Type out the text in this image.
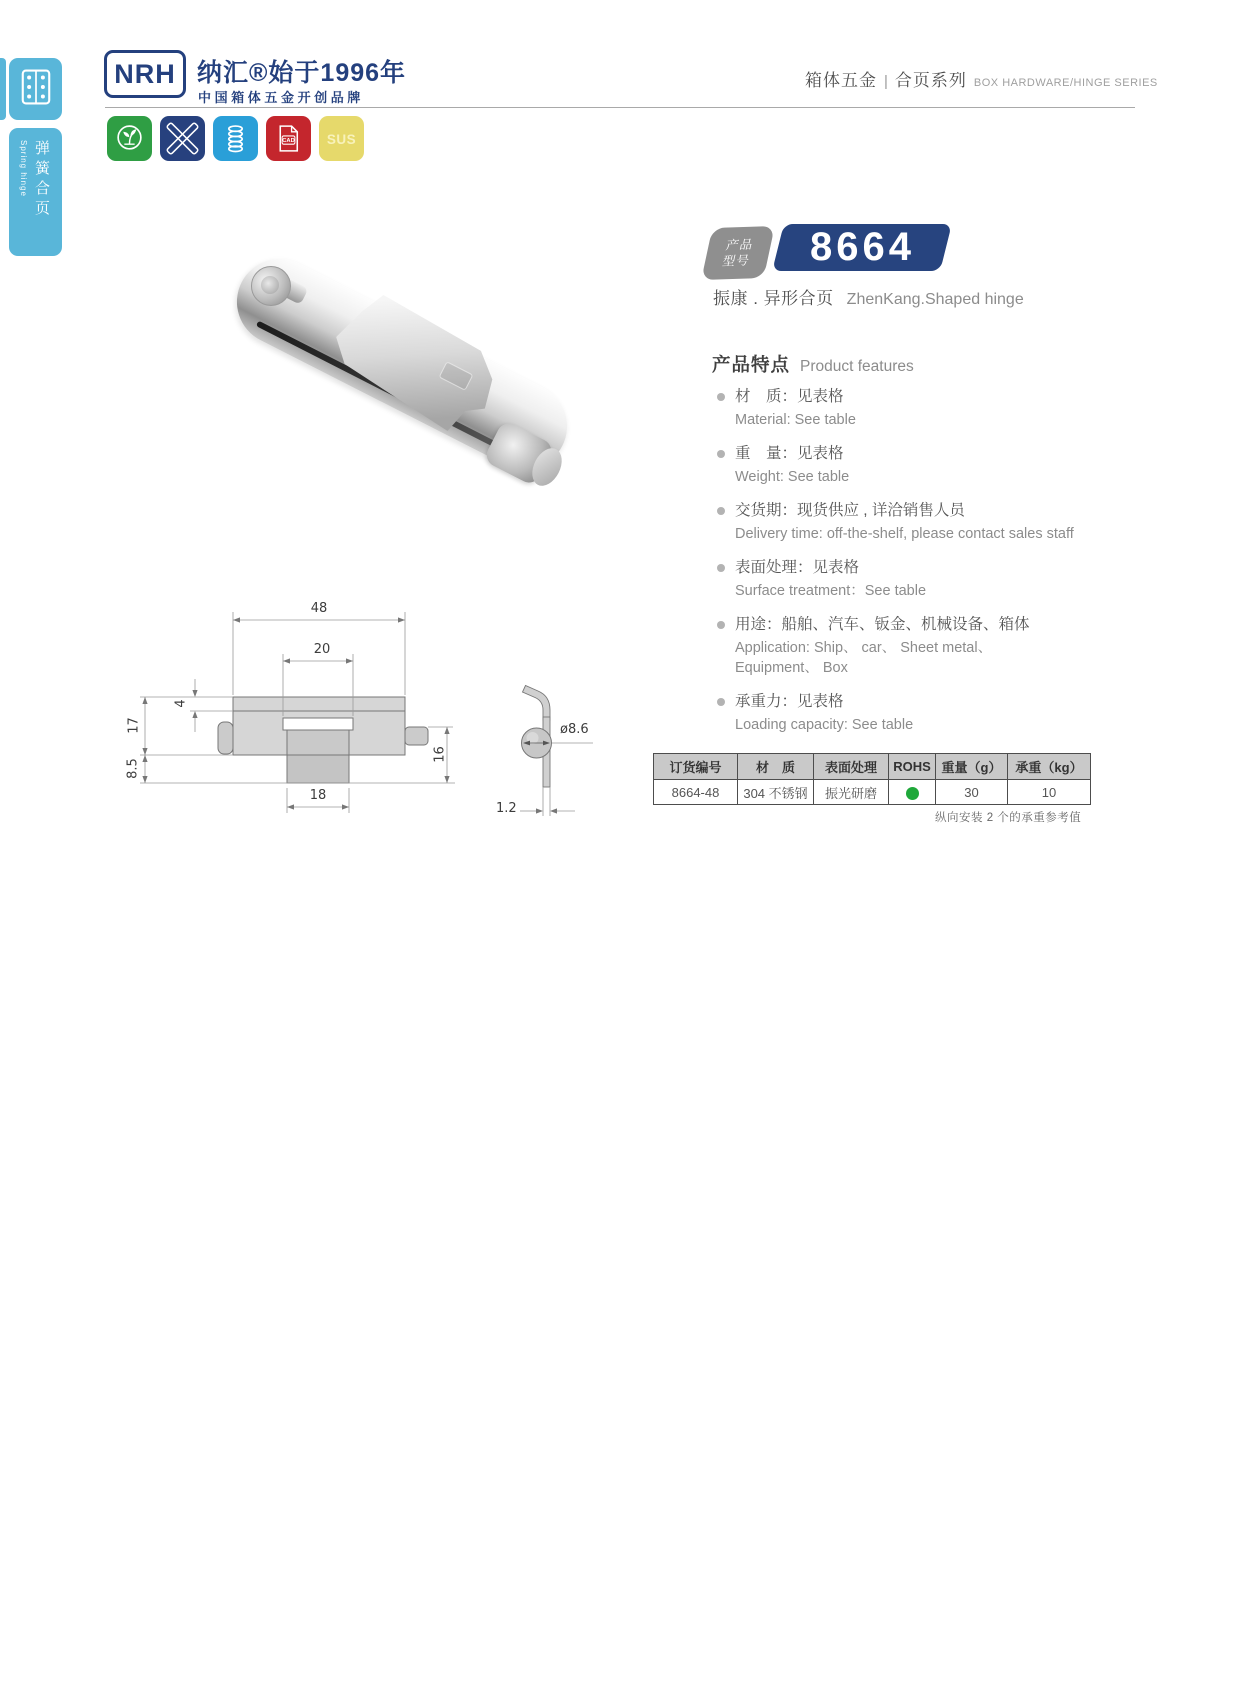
NRH 纳汇®始于1996年
中国箱体五金开创品牌
箱体五金 | 合页系列 BOX HARDWARE/HINGE SERIES
Spring hinge 弹簧合页	CAD SUS
产品
型号 8664
振康 . 异形合页 ZhenKang.Shaped hinge
产品特点 Product features
材　质：见表格
Material: See table
重　量：见表格
Weight: See table
交货期：现货供应 , 详洽销售人员
Delivery time: off-the-shelf, please contact sales staff
表面处理：见表格
Surface treatment：See table
用途：船舶、汽车、钣金、机械设备、箱体
Application: Ship、 car、 Sheet metal、
Equipment、 Box
承重力：见表格
Loading capacity: See table
48
20
4
17
8.5
18
16
ø8.6
1.2
订货编号	材　质	表面处理	ROHS	重量（g）	承重（kg）
8664-48	304 不锈钢	振光研磨		30	10
纵向安装 2 个的承重参考值
